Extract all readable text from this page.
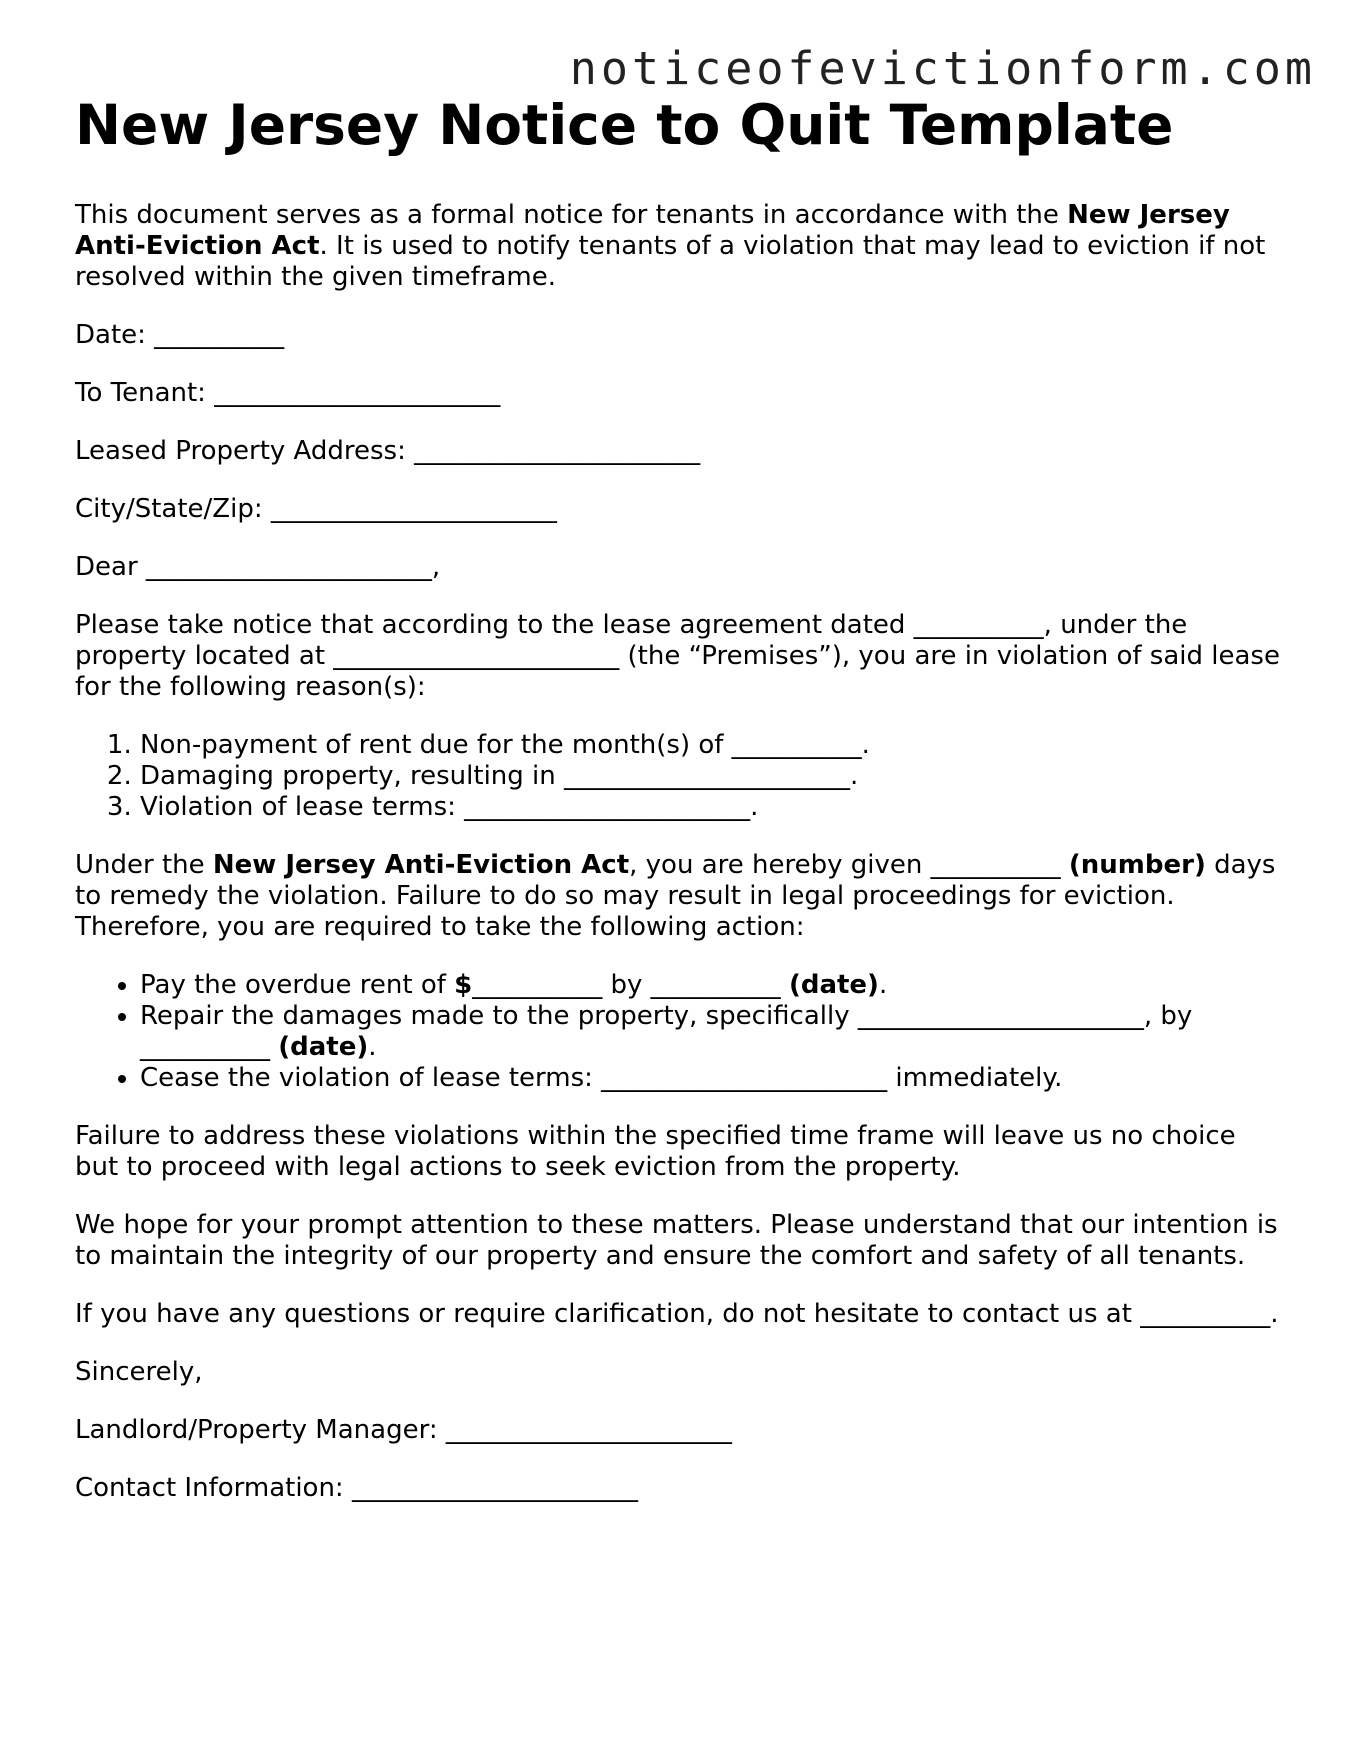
noticeofevictionform.com
New Jersey Notice to Quit Template

This document serves as a formal notice for tenants in accordance with the New Jersey Anti-Eviction Act. It is used to notify tenants of a violation that may lead to eviction if not resolved within the given timeframe.

Date: __________

To Tenant: ______________________

Leased Property Address: ______________________

City/State/Zip: ______________________

Dear ______________________,

Please take notice that according to the lease agreement dated __________, under the property located at ______________________ (the “Premises”), you are in violation of said lease for the following reason(s):

1. Non-payment of rent due for the month(s) of __________.
2. Damaging property, resulting in ______________________.
3. Violation of lease terms: ______________________.

Under the New Jersey Anti-Eviction Act, you are hereby given __________ (number) days to remedy the violation. Failure to do so may result in legal proceedings for eviction. Therefore, you are required to take the following action:

• Pay the overdue rent of $__________ by __________ (date).
• Repair the damages made to the property, specifically ______________________, by __________ (date).
• Cease the violation of lease terms: ______________________ immediately.

Failure to address these violations within the specified time frame will leave us no choice but to proceed with legal actions to seek eviction from the property.

We hope for your prompt attention to these matters. Please understand that our intention is to maintain the integrity of our property and ensure the comfort and safety of all tenants.

If you have any questions or require clarification, do not hesitate to contact us at __________.

Sincerely,

Landlord/Property Manager: ______________________

Contact Information: ______________________
